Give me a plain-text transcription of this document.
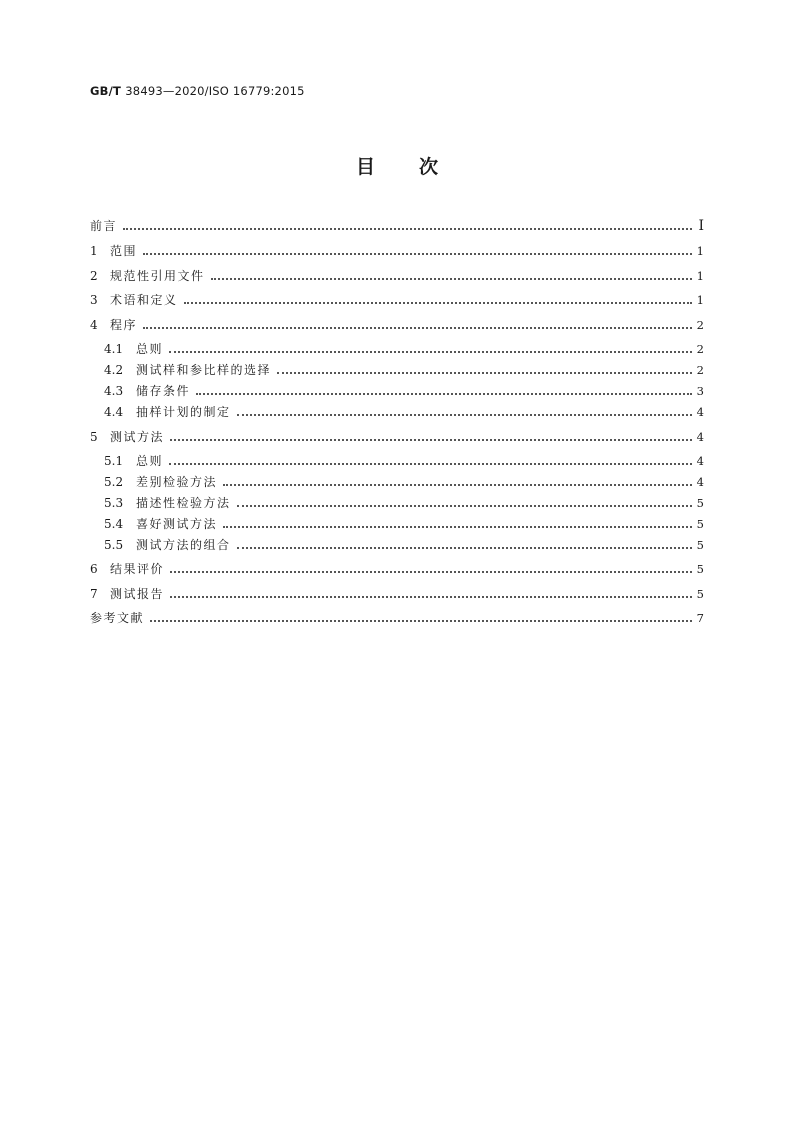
GB/T 38493—2020/ISO 16779:2015
目次
前言	I
1	范围	1
2	规范性引用文件	1
3	术语和定义	1
4	程序	2
4.1	总则	2
4.2	测试样和参比样的选择	2
4.3	储存条件	3
4.4	抽样计划的制定	4
5	测试方法	4
5.1	总则	4
5.2	差别检验方法	4
5.3	描述性检验方法	5
5.4	喜好测试方法	5
5.5	测试方法的组合	5
6	结果评价	5
7	测试报告	5
参考文献	7
